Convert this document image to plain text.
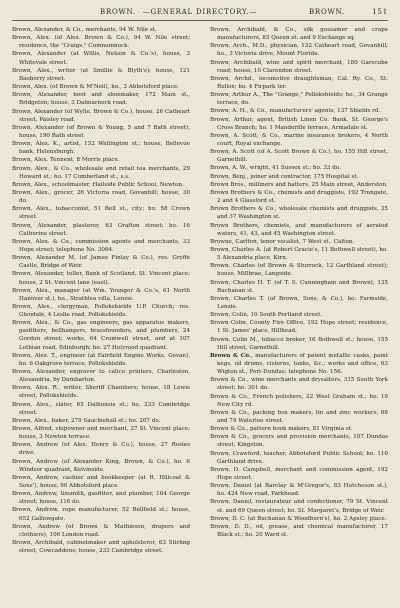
BROWN. —GENERAL DIRECTORY.—	BROWN.	151
Brown, Alexander, & Co., merchants, 94 W. Nile st.
Brown, Alex. (of Alex. Brown & Co.), 94 W. Nile street; residence, the "Craigs," Cumnumnock.
Brown, Alexander (at Willis, Nelson & Co.'s), house, 3 Whitevale street.
Brown, Alex., writer (at Smillie & Blyth's); house, 121 Baeberry street.
Brown, Alex. (of Brown & M'Neil), ho., 3 Abbotsford place.
Brown, Alexander, boot and shoemaker, 172 Main st., Bridgeton; house, 3 Dalmarnock road.
Brown, Alexander (of Wylie, Brown & Co.), house, 26 Catheart street, Paisley road.
Brown, Alexander (of Brown & Young, 5 and 7 Bath street), house, 190 Bath street
Brown, Alex. K., artist, 152 Wellington st.; house, Bellevue bank, Helensburgh.
Brown, Alex. Tennent, 8 Morris place.
Brown, Alex., & Co., wholesale and retail tea merchants, 29 Howard st.; ho. 17 Cumberland st., s.s.
Brown, Alex., schoolmaster, Hallside Public School, Newton.
Brown, Alex., grocer, 26 Victoria road, Govanhill; house, 30 do.
Brown, Alex., tobacconist, 51 Bell st., city; ho. 58 Crown street.
Brown, Alexander, plasterer, 63 Grafton street; ho. 16 Catherine street.
Brown, Alex. & Co., commission agents and merchants, 33 Hope street; telephone No. 3064.
Brown, Alexander M. (of James Finlay & Co.), res. Gryffe Castle, Bridge of Weir.
Brown, Alexander, teller, Bank of Scotland, St. Vincent place; house, 2 St. Vincent lane (east).
Brown, Alex., manager (at Wm. Younger & Co.'s, 61 North Hanover st.), ho., Strathlea villa, Lenzie.
Brown, Alex., clergyman, Pollokshields U.P. Church; res. Glendale, 4 Leslie road, Pollokshields.
Brown, Alex., & Co., gas engineers, gas apparatus makers, gasfitters, bellhangers, brassfounders, and plumbers, 24 Gordon street; works, 64 Cromwell street, and at 107 Lothian road, Edinburgh; ho. 27 Holyrood quadrant.
Brown, Alex. T., engineer (at Fairfield Engine Works, Govan), ho. 6 Oakgrove terrace, Pollokshields.
Brown, Alexander, engraver to calico printers, Charleston, Alexandria, by Dumbarton.
Brown, Alex. R., writer, Sheriff Chambers; house, 18 Lewis street, Pollokshields.
Brown, Alex., slater, 65 Dalhousie st.; ho. 233 Cambridge street.
Brown, Alex., baker, 279 Sauchiehall st.; ho. 207 do.
Brown, Alfred, shipowner and merchant, 27 St. Vincent place; house, 3 Newton terrace.
Brown, Andrew (of Alex. Henry & Co.), house, 27 Rosles drive.
Brown, Andrew (of Alexander King, Brown, & Co.), ho. 6 Windsor quadrant, Kelvinside.
Brown, Andrew, cashier and bookkeeper (at R. Hillcoat & Sons'), house, 90 Abbotsford place.
Brown, Andrew, tinsmith, gasfitter, and plumber, 104 George street; house, 116 do.
Brown, Andrew, rope manufacturer, 52 Bellfield st.; house, 652 Gallowgate.
Brown, Andrew (of Brown & Mathieson, drapers and clothiers), 106 London road.
Brown, Archibald, cabinetmaker and upholsterer, 63 Stirling street, Cowcaddens; house, 233 Cambridge street.
Brown, Archibald, & Co., silk gossamer and crape manufacturers, 83 Queen st. and 9 Exchange sq.
Brown, Arch., M.D., physician, 132 Catheart road, Govanhill; ho., 3 Victoria drive, Mount Florida.
Brown, Archibald, wine and spirit merchant, 180 Garscube road; house, 10 Clarendon street.
Brown, Archd., locomotive draughtsman, Cal. Ry. Co., St. Rollox; ho. 4 Firpark ter.
Brown, Arthur A., The "Grange," Pollokshields; ho., 34 Grange terrace, do.
Brown, A. H., & Co., manufacturers' agents, 137 Shields rd.
Brown, Arthur, agent, British Linen Co. Bank, St. George's Cross Branch; ho. 1 Manderille terrace, Armadale st.
Brown, A. Scott, & Co., marine insurance brokers, 4 North court, Royal exchange.
Brown, A. Scott (of A. Scott Brown & Co.), ho. 155 Hill street, Garnethill.
Brown, A. W., wright, 41 Sussex st.; ho. 33 do.
Brown, Benj., joiner and contractor, 175 Hospital st.
Brown Bros., milliners and hatters, 25 Main street, Anderston.
Brown Brothers & Co., chemists and druggists, 192 Trongate, 2 and 4 Glassford st.
Brown Brothers & Co., wholesale chemists and druggists, 35 and 37 Washington st.
Brown Brothers, chemists, and manufacturers of aerated waters, 41, 43, and 45 Washington street.
Browne, Carlton, tenor vocalist, 7 West st., Calton.
Brown, Charles A. (at Robert Gracie's, 11 Bothwell street), ho. 5 Alexandria place, Kirn.
Brown, Charles (of Brown & Sturrock, 12 Garthland street); house, Millbrae, Langside.
Brown, Charles H. T. (of T. S. Cunningham and Brown), 135 Buchanan st.
Brown, Charles T. (of Brown, Sons, & Co.), ho. Farmside, Lenzie.
Brown, Colin, 10 South Portland street.
Brown Colin, County Fire Office, 192 Hope street; residence, 1 St. James' place, Hillhead.
Brown, Colin M., tobacco broker, 16 Bothwell st.; house, 155 Hill street, Garnethill.
Brown & Co., manufacturers of patent metallic casks, paint kegs, oil drums, cisterns, tanks, &c.; works and office, 63 Wigton st., Port-Dundas; telephone No. 156.
Brown & Co., wine merchants and drysalters, 315 South York street; ho. 301 do.
Brown & Co., French polishers, 22 West Graham st.; ho. 19 New City rd.
Brown & Co., packing box makers, tin and zinc workers, 68 and 74 Waterloo street.
Brown & Co., pattern book makers, 81 Virginia st.
Brown & Co., grocers and provision merchants, 107 Dundas street, Kingston.
Brown, Crawford, teacher, Abbotsford Public School; ho. 110 Garthland drive.
Brown, D. Campbell, merchant and commission agent, 192 Hope street.
Brown, Daniel (at Barclay & M'Gregor's, 83 Hutcheson st.), ho. 424 New road, Parkhead.
Brown, Daniel, restaurateur and confectioner, 79 St. Vincent st. and 69 Queen street; ho. St. Margaret's, Bridge of Weir.
Brown, D. C. (at Buchanan & Woodburn's), ho. 2 Apsley place.
Brown, D. D., oil, grease, and chemical manufacturer, 17 Black st.; ho. 20 Ward st.
